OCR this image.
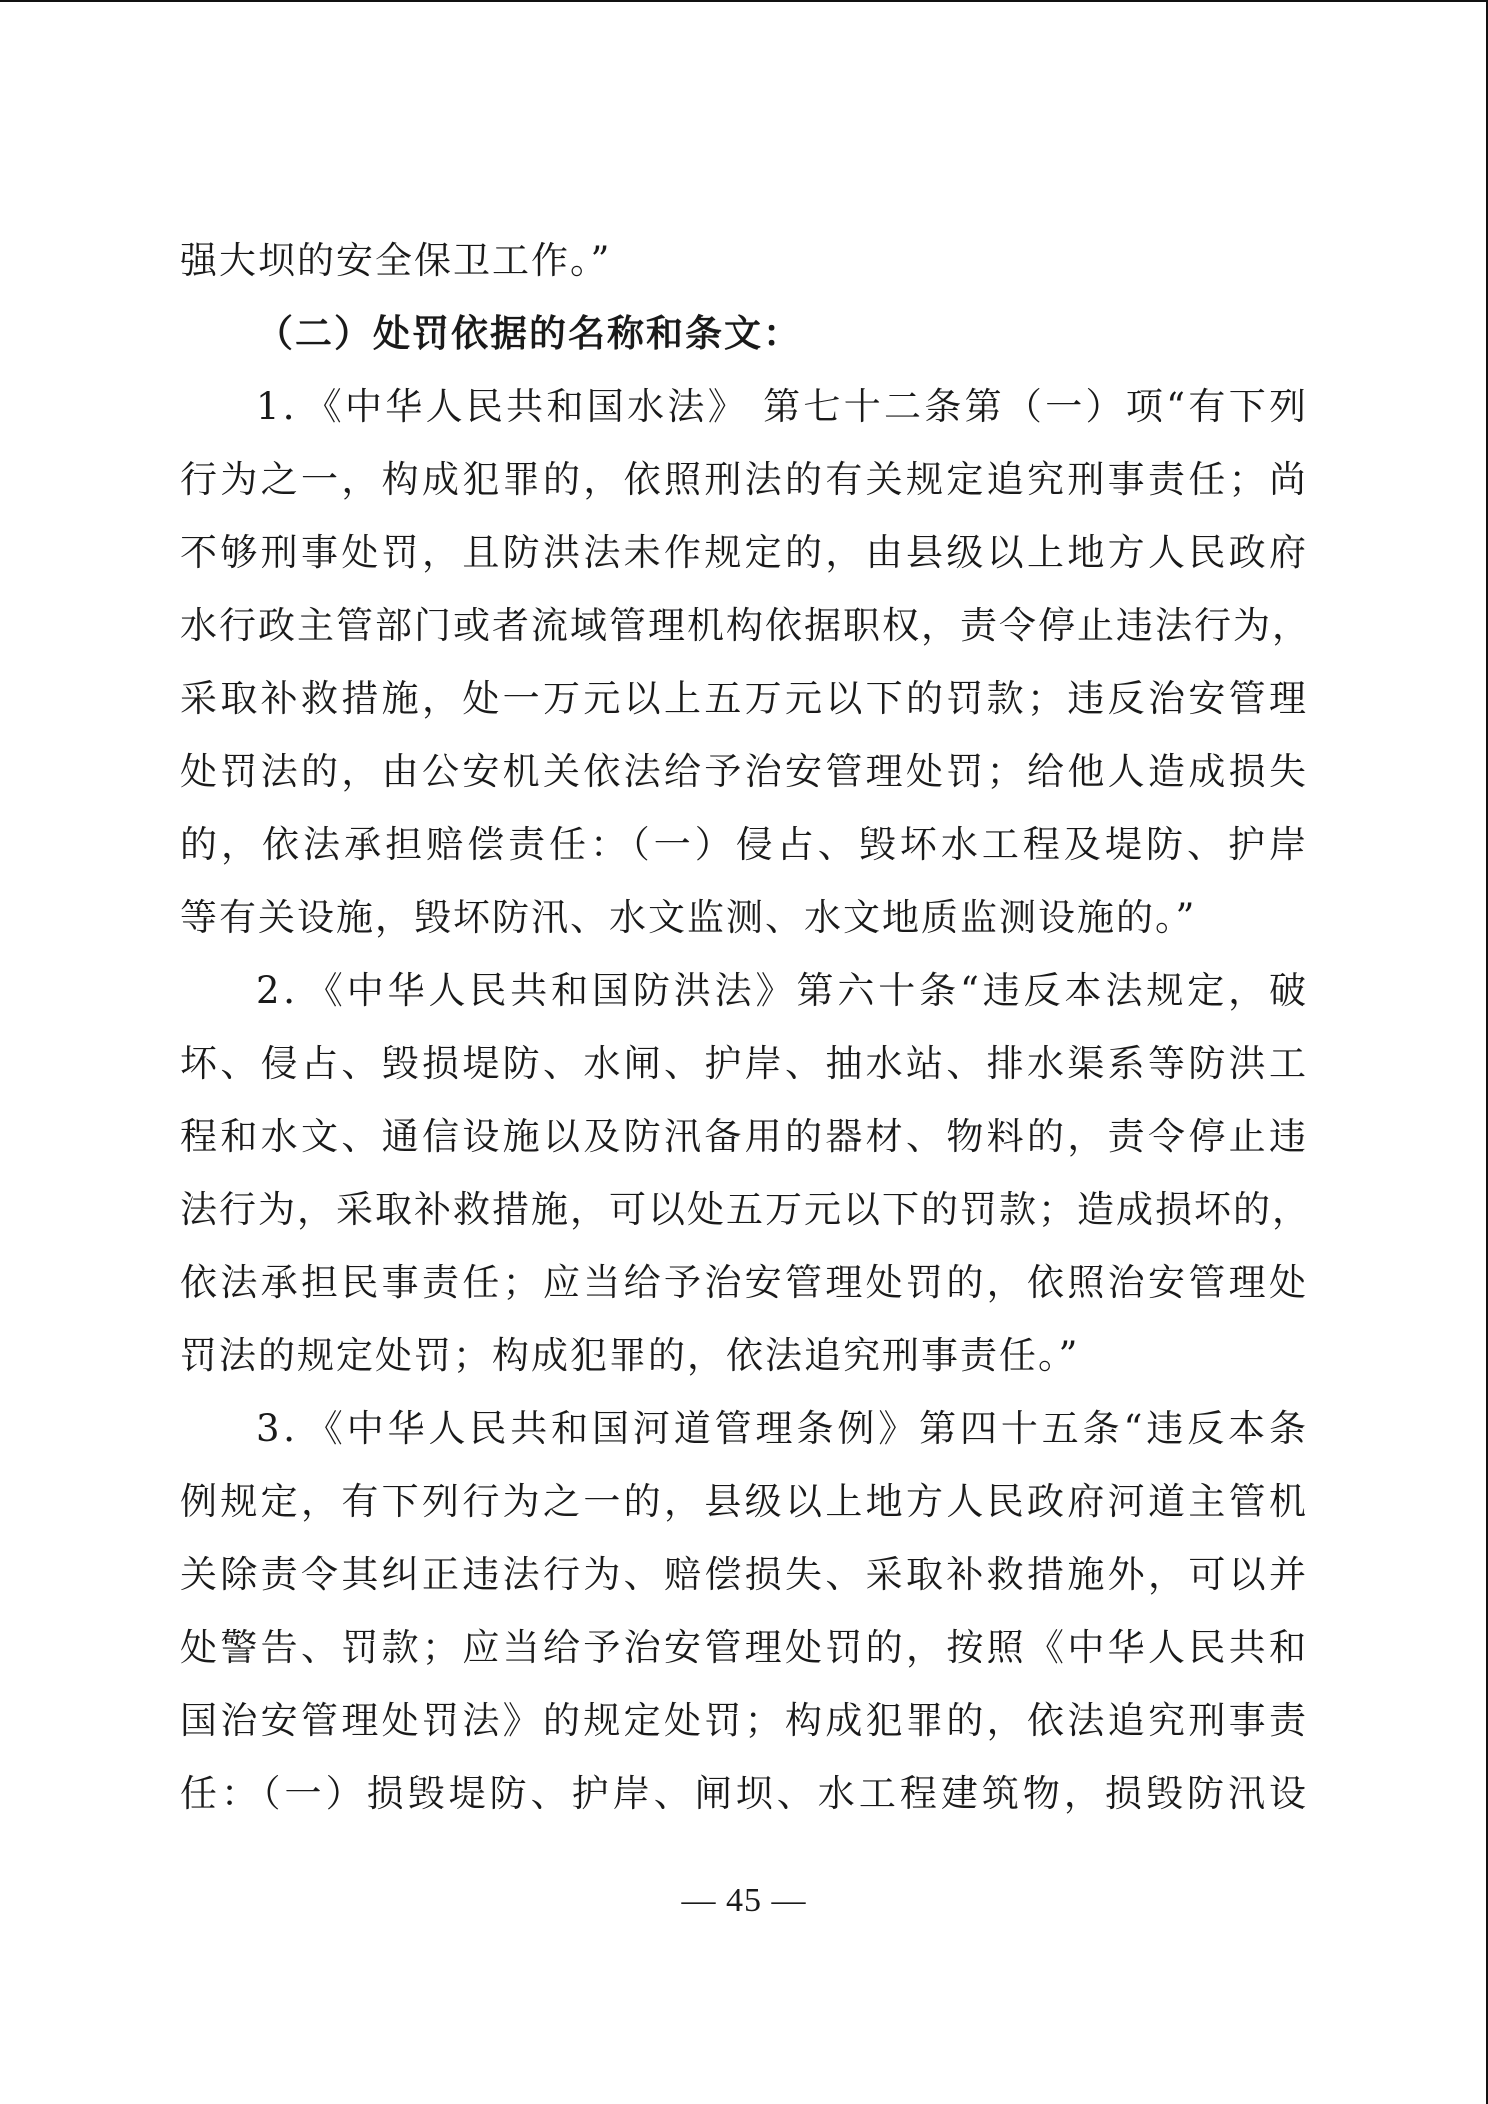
强大坝的安全保卫工作。”
（二）处罚依据的名称和条文：
1．《中华人民共和国水法》 第七十二条第（一）项“有下列
行为之一，构成犯罪的，依照刑法的有关规定追究刑事责任；尚
不够刑事处罚，且防洪法未作规定的，由县级以上地方人民政府
水行政主管部门或者流域管理机构依据职权，责令停止违法行为，
采取补救措施，处一万元以上五万元以下的罚款；违反治安管理
处罚法的，由公安机关依法给予治安管理处罚；给他人造成损失
的，依法承担赔偿责任：（一）侵占、毁坏水工程及堤防、护岸
等有关设施，毁坏防汛、水文监测、水文地质监测设施的。”
2．《中华人民共和国防洪法》第六十条“违反本法规定，破
坏、侵占、毁损堤防、水闸、护岸、抽水站、排水渠系等防洪工
程和水文、通信设施以及防汛备用的器材、物料的，责令停止违
法行为，采取补救措施，可以处五万元以下的罚款；造成损坏的，
依法承担民事责任；应当给予治安管理处罚的，依照治安管理处
罚法的规定处罚；构成犯罪的，依法追究刑事责任。”
3．《中华人民共和国河道管理条例》第四十五条“违反本条
例规定，有下列行为之一的，县级以上地方人民政府河道主管机
关除责令其纠正违法行为、赔偿损失、采取补救措施外，可以并
处警告、罚款；应当给予治安管理处罚的，按照《中华人民共和
国治安管理处罚法》的规定处罚；构成犯罪的，依法追究刑事责
任：（一）损毁堤防、护岸、闸坝、水工程建筑物，损毁防汛设
— 45 —
